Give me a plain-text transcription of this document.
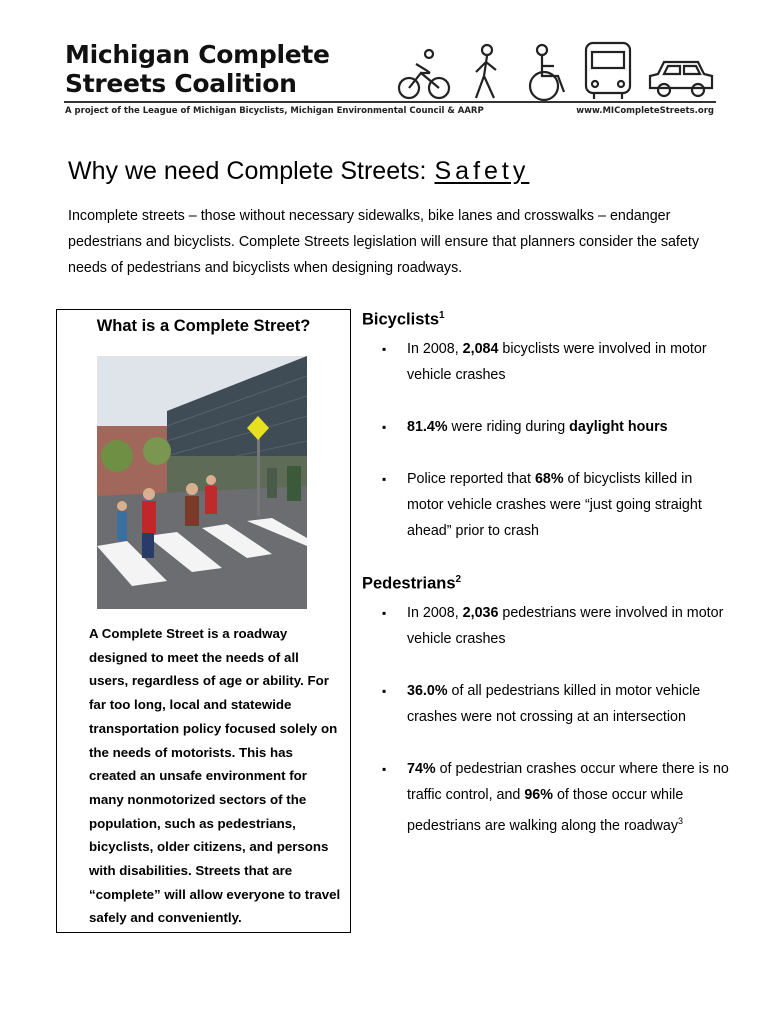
Michigan Complete
Streets Coalition
A project of the League of Michigan Bicyclists, Michigan Environmental Council & AARP	www.MICompleteStreets.org
Why we need Complete Streets: Safety
Incomplete streets – those without necessary sidewalks, bike lanes and crosswalks – endanger pedestrians and bicyclists. Complete Streets legislation will ensure that planners consider the safety needs of pedestrians and bicyclists when designing roadways.
What is a Complete Street?
A Complete Street is a roadway designed to meet the needs of all users, regardless of age or ability. For far too long, local and statewide transportation policy focused solely on the needs of motorists. This has created an unsafe environment for many nonmotorized sectors of the population, such as pedestrians, bicyclists, older citizens, and persons with disabilities. Streets that are “complete” will allow everyone to travel safely and conveniently.
Bicyclists$^1$
▪ In 2008, 2,084 bicyclists were involved in motor vehicle crashes
▪ 81.4% were riding during daylight hours
▪ Police reported that 68% of bicyclists killed in motor vehicle crashes were “just going straight ahead” prior to crash
Pedestrians$^2$
▪ In 2008, 2,036 pedestrians were involved in motor vehicle crashes
▪ 36.0% of all pedestrians killed in motor vehicle crashes were not crossing at an intersection
▪ 74% of pedestrian crashes occur where there is no traffic control, and 96% of those occur while pedestrians are walking along the roadway$^3$
